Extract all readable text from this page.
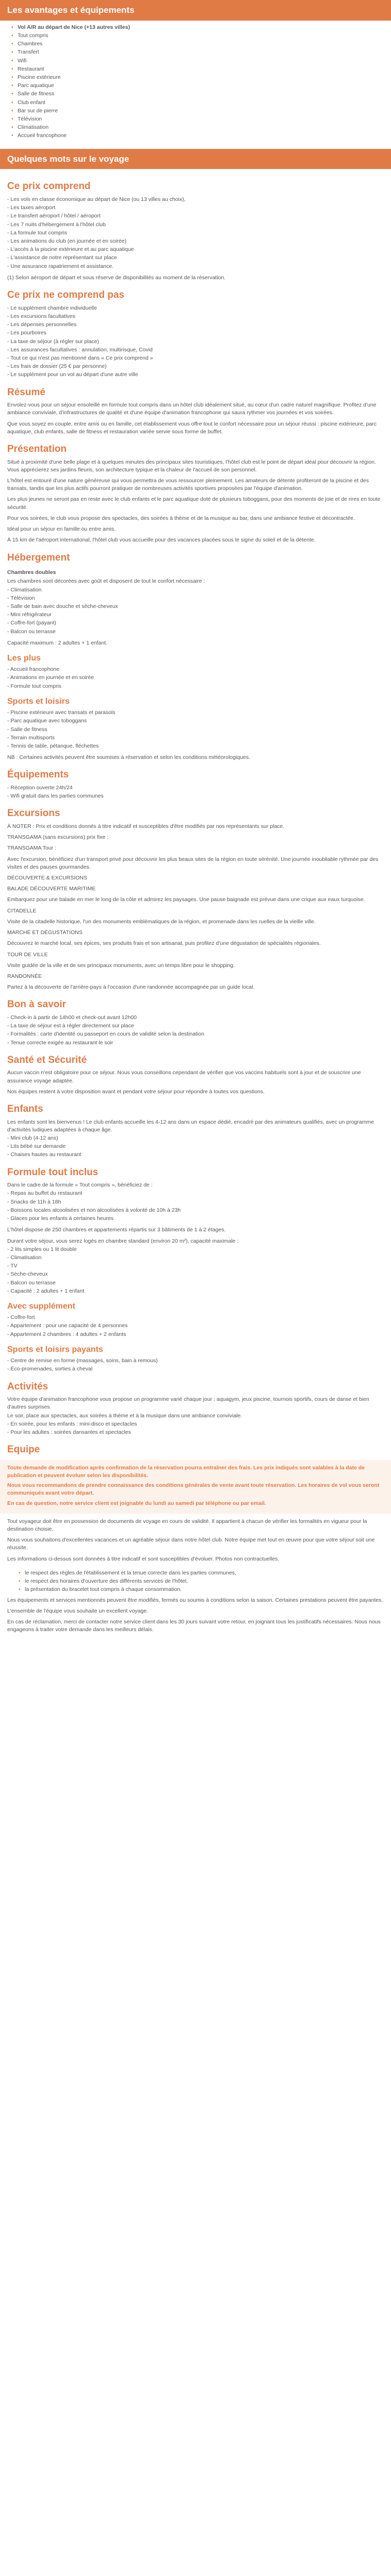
Les avantages et équipements
• Vol A/R au départ de Nice (+13 autres villes)
• Tout compris
• Chambres
• Transfert
• Wifi
• Restaurant
• Piscine extérieure
• Parc aquatique
• Salle de fitness
• Club enfant
• Bar sur de pierre
• Télévision
• Climatisation
• Accueil francophone
Quelques mots sur le voyage
Ce prix comprend

- Les vols en classe économique au départ de Nice (ou 13 villes au choix),

- Les taxes aéroport

- Le transfert aéroport / hôtel / aéroport

- Les 7 nuits d'hébergement à l'hôtel club

- La formule tout compris

- Les animations du club (en journée et en soirée)

- L'accès à la piscine extérieure et au parc aquatique

- L'assistance de notre représentant sur place

- Une assurance rapatriement et assistance.

(1) Selon aéroport de départ et sous réserve de disponibilités au moment de la réservation.

Ce prix ne comprend pas

- Le supplément chambre individuelle

- Les excursions facultatives

- Les dépenses personnelles

- Les pourboires

- La taxe de séjour (à régler sur place)

- Les assurances facultatives : annulation, multirisque, Covid

- Tout ce qui n'est pas mentionné dans « Ce prix comprend »

- Les frais de dossier (25 € par personne)

- Le supplément pour un vol au départ d'une autre ville

Résumé

Envolez-vous pour un séjour ensoleillé en formule tout compris dans un hôtel club idéalement situé, au cœur d'un cadre naturel magnifique. Profitez d'une ambiance conviviale, d'infrastructures de qualité et d'une équipe d'animation francophone qui saura rythmer vos journées et vos soirées.

Que vous soyez en couple, entre amis ou en famille, cet établissement vous offre tout le confort nécessaire pour un séjour réussi : piscine extérieure, parc aquatique, club enfants, salle de fitness et restauration variée servie sous forme de buffet.

Présentation

Situé à proximité d'une belle plage et à quelques minutes des principaux sites touristiques, l'hôtel club est le point de départ idéal pour découvrir la région. Vous apprécierez ses jardins fleuris, son architecture typique et la chaleur de l'accueil de son personnel.

L'hôtel est entouré d'une nature généreuse qui vous permettra de vous ressourcer pleinement. Les amateurs de détente profiteront de la piscine et des transats, tandis que les plus actifs pourront pratiquer de nombreuses activités sportives proposées par l'équipe d'animation.

Les plus jeunes ne seront pas en reste avec le club enfants et le parc aquatique doté de plusieurs toboggans, pour des moments de joie et de rires en toute sécurité.

Pour vos soirées, le club vous propose des spectacles, des soirées à thème et de la musique au bar, dans une ambiance festive et décontractée.

Idéal pour un séjour en famille ou entre amis.

À 15 km de l'aéroport international, l'hôtel club vous accueille pour des vacances placées sous le signe du soleil et de la détente.

Hébergement

Chambres doubles

Les chambres sont décorées avec goût et disposent de tout le confort nécessaire :

- Climatisation

- Télévision

- Salle de bain avec douche et sèche-cheveux

- Mini réfrigérateur

- Coffre-fort (payant)

- Balcon ou terrasse

Capacité maximum : 2 adultes + 1 enfant.

Les plus

- Accueil francophone

- Animations en journée et en soirée

- Formule tout compris

Sports et loisirs

- Piscine extérieure avec transats et parasols

- Parc aquatique avec toboggans

- Salle de fitness

- Terrain multisports

- Tennis de table, pétanque, fléchettes

NB : Certaines activités peuvent être soumises à réservation et selon les conditions météorologiques.

Équipements

- Réception ouverte 24h/24

- Wifi gratuit dans les parties communes

Excursions

À NOTER : Prix et conditions donnés à titre indicatif et susceptibles d'être modifiés par nos représentants sur place.

TRANSGAMA (sans excursions) prix fixe :

TRANSGAMA Tour :

Avec l'excursion, bénéficiez d'un transport privé pour découvrir les plus beaux sites de la région en toute sérénité. Une journée inoubliable rythmée par des visites et des pauses gourmandes.

DÉCOUVERTE & EXCURSIONS

BALADE DÉCOUVERTE MARITIME

Embarquez pour une balade en mer le long de la côte et admirez les paysages. Une pause baignade est prévue dans une crique aux eaux turquoise.

CITADELLE

Visite de la citadelle historique, l'un des monuments emblématiques de la région, et promenade dans les ruelles de la vieille ville.

MARCHÉ ET DÉGUSTATIONS

Découvrez le marché local, ses épices, ses produits frais et son artisanat, puis profitez d'une dégustation de spécialités régionales.

TOUR DE VILLE

Visite guidée de la ville et de ses principaux monuments, avec un temps libre pour le shopping.

RANDONNÉE

Partez à la découverte de l'arrière-pays à l'occasion d'une randonnée accompagnée par un guide local.

Bon à savoir

- Check-in à partir de 14h00 et check-out avant 12h00

- La taxe de séjour est à régler directement sur place

- Formalités : carte d'identité ou passeport en cours de validité selon la destination

- Tenue correcte exigée au restaurant le soir

Santé et Sécurité

Aucun vaccin n'est obligatoire pour ce séjour. Nous vous conseillons cependant de vérifier que vos vaccins habituels sont à jour et de souscrire une assurance voyage adaptée.

Nos équipes restent à votre disposition avant et pendant votre séjour pour répondre à toutes vos questions.

Enfants

Les enfants sont les bienvenus ! Le club enfants accueille les 4-12 ans dans un espace dédié, encadré par des animateurs qualifiés, avec un programme d'activités ludiques adaptées à chaque âge.

- Mini club (4-12 ans)

- Lits bébé sur demande

- Chaises hautes au restaurant

Formule tout inclus

Dans le cadre de la formule « Tout compris », bénéficiez de :

- Repas au buffet du restaurant

- Snacks de 11h à 18h

- Boissons locales alcoolisées et non alcoolisées à volonté de 10h à 23h

- Glaces pour les enfants à certaines heures

L'hôtel dispose de 250 chambres et appartements répartis sur 3 bâtiments de 1 à 2 étages.

Durant votre séjour, vous serez logés en chambre standard (environ 20 m²), capacité maximale :

- 2 lits simples ou 1 lit double

- Climatisation

- TV

- Sèche-cheveux

- Balcon ou terrasse

- Capacité : 2 adultes + 1 enfant

Avec supplément

- Coffre-fort

- Appartement : pour une capacité de 4 personnes

- Appartement 2 chambres : 4 adultes + 2 enfants

Sports et loisirs payants

- Centre de remise en forme (massages, soins, bain à remous)

- Éco-promenades, sorties à cheval

Activités

Votre équipe d'animation francophone vous propose un programme varié chaque jour : aquagym, jeux piscine, tournois sportifs, cours de danse et bien d'autres surprises.

Le soir, place aux spectacles, aux soirées à thème et à la musique dans une ambiance conviviale.

- En soirée, pour les enfants : mini-disco et spectacles

- Pour les adultes : soirées dansantes et spectacles

Equipe

Toute demande de modification après confirmation de la réservation pourra entraîner des frais. Les prix indiqués sont valables à la date de publication et peuvent évoluer selon les disponibilités.

Nous vous recommandons de prendre connaissance des conditions générales de vente avant toute réservation. Les horaires de vol vous seront communiqués avant votre départ.

En cas de question, notre service client est joignable du lundi au samedi par téléphone ou par email.

Tout voyageur doit être en possession de documents de voyage en cours de validité. Il appartient à chacun de vérifier les formalités en vigueur pour la destination choisie.

Nous vous souhaitons d'excellentes vacances et un agréable séjour dans notre hôtel club. Notre équipe met tout en œuvre pour que votre séjour soit une réussite.

Les informations ci-dessus sont données à titre indicatif et sont susceptibles d'évoluer. Photos non contractuelles.

• le respect des règles de l'établissement et la tenue correcte dans les parties communes,
• le respect des horaires d'ouverture des différents services de l'hôtel,
• la présentation du bracelet tout compris à chaque consommation.

Les équipements et services mentionnés peuvent être modifiés, fermés ou soumis à conditions selon la saison. Certaines prestations peuvent être payantes.

L'ensemble de l'équipe vous souhaite un excellent voyage.

En cas de réclamation, merci de contacter notre service client dans les 30 jours suivant votre retour, en joignant tous les justificatifs nécessaires. Nous nous engageons à traiter votre demande dans les meilleurs délais.
